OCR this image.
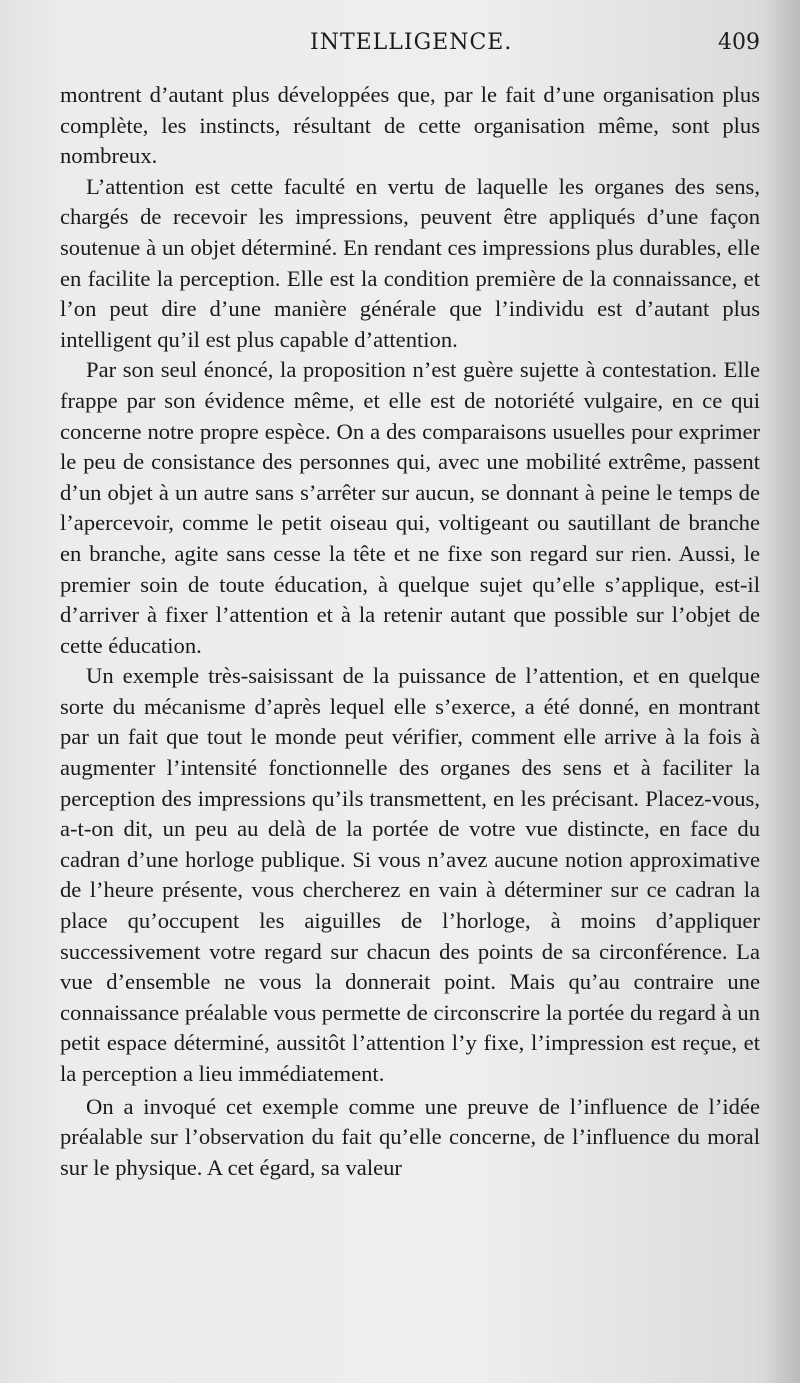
INTELLIGENCE.	409

montrent d’autant plus développées que, par le fait d’une organisation plus complète, les instincts, résultant de cette organisation même, sont plus nombreux.

L’attention est cette faculté en vertu de laquelle les organes des sens, chargés de recevoir les impressions, peuvent être appliqués d’une façon soutenue à un objet déterminé. En rendant ces impressions plus durables, elle en facilite la perception. Elle est la condition première de la connaissance, et l’on peut dire d’une manière générale que l’individu est d’autant plus intelligent qu’il est plus capable d’attention.

Par son seul énoncé, la proposition n’est guère sujette à contestation. Elle frappe par son évidence même, et elle est de notoriété vulgaire, en ce qui concerne notre propre espèce. On a des comparaisons usuelles pour exprimer le peu de consistance des personnes qui, avec une mobilité extrême, passent d’un objet à un autre sans s’arrêter sur aucun, se donnant à peine le temps de l’apercevoir, comme le petit oiseau qui, voltigeant ou sautillant de branche en branche, agite sans cesse la tête et ne fixe son regard sur rien. Aussi, le premier soin de toute éducation, à quelque sujet qu’elle s’applique, est-il d’arriver à fixer l’attention et à la retenir autant que possible sur l’objet de cette éducation.

Un exemple très-saisissant de la puissance de l’attention, et en quelque sorte du mécanisme d’après lequel elle s’exerce, a été donné, en montrant par un fait que tout le monde peut vérifier, comment elle arrive à la fois à augmenter l’intensité fonctionnelle des organes des sens et à faciliter la perception des impressions qu’ils transmettent, en les précisant. Placez-vous, a-t-on dit, un peu au delà de la portée de votre vue distincte, en face du cadran d’une horloge publique. Si vous n’avez aucune notion approximative de l’heure présente, vous chercherez en vain à déterminer sur ce cadran la place qu’occupent les aiguilles de l’horloge, à moins d’appliquer successivement votre regard sur chacun des points de sa circonférence. La vue d’ensemble ne vous la donnerait point. Mais qu’au contraire une connaissance préalable vous permette de circonscrire la portée du regard à un petit espace déterminé, aussitôt l’attention l’y fixe, l’impression est reçue, et la perception a lieu immédiatement.

On a invoqué cet exemple comme une preuve de l’influence de l’idée préalable sur l’observation du fait qu’elle concerne, de l’influence du moral sur le physique. A cet égard, sa valeur
